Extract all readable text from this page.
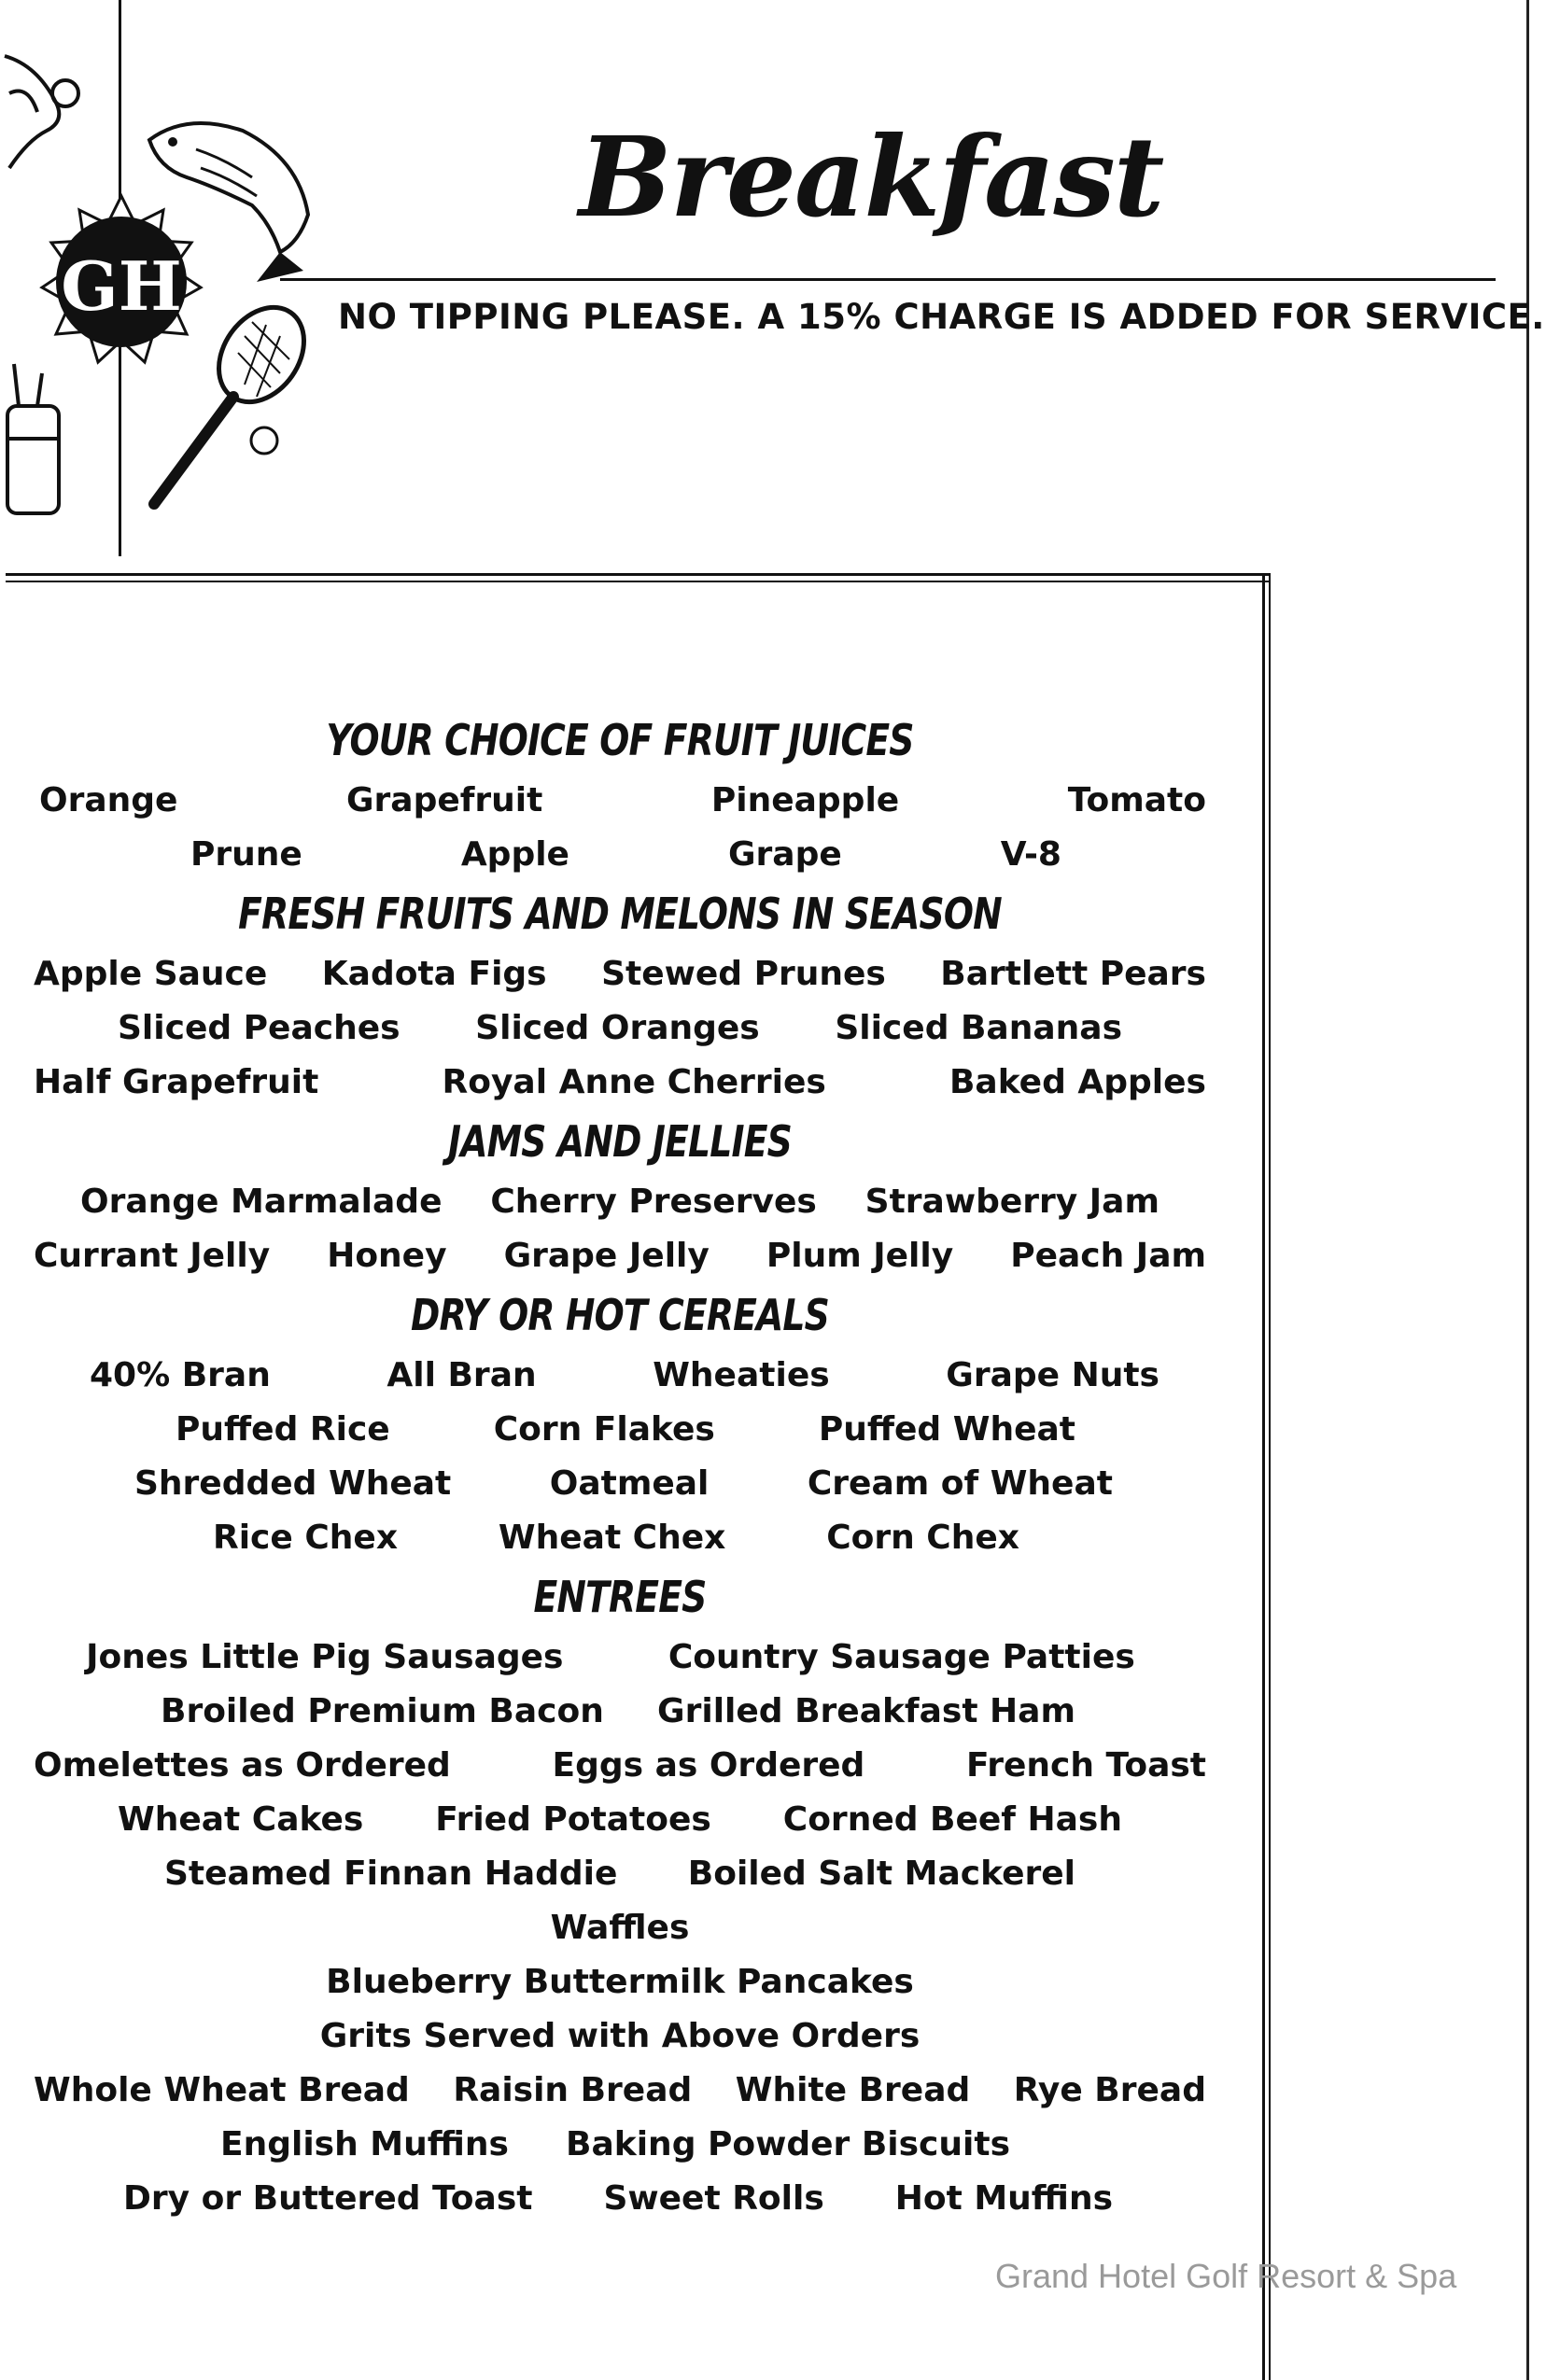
GH
Breakfast
NO TIPPING PLEASE. A 15% CHARGE IS ADDED FOR SERVICE.
YOUR CHOICE OF FRUIT JUICES
Orange	Grapefruit	Pineapple	Tomato
Prune	Apple	Grape	V-8
FRESH FRUITS AND MELONS IN SEASON
Apple Sauce Kadota Figs Stewed Prunes Bartlett Pears
Sliced Peaches Sliced Oranges Sliced Bananas
Half Grapefruit	Royal Anne Cherries	Baked Apples
JAMS AND JELLIES
Orange Marmalade Cherry Preserves Strawberry Jam
Currant Jelly Honey Grape Jelly Plum Jelly Peach Jam
DRY OR HOT CEREALS
40% Bran	All Bran	Wheaties	Grape Nuts
Puffed Rice	Corn Flakes	Puffed Wheat
Shredded Wheat	Oatmeal	Cream of Wheat
Rice Chex	Wheat Chex	Corn Chex
ENTREES
Jones Little Pig Sausages	Country Sausage Patties
Broiled Premium Bacon Grilled Breakfast Ham
Omelettes as Ordered	Eggs as Ordered	French Toast
Wheat Cakes Fried Potatoes Corned Beef Hash
Steamed Finnan Haddie Boiled Salt Mackerel
Waffles
Blueberry Buttermilk Pancakes
Grits Served with Above Orders
Whole Wheat Bread Raisin Bread White Bread Rye Bread
English Muffins Baking Powder Biscuits
Dry or Buttered Toast Sweet Rolls Hot Muffins
Grand Hotel Golf Resort & Spa
